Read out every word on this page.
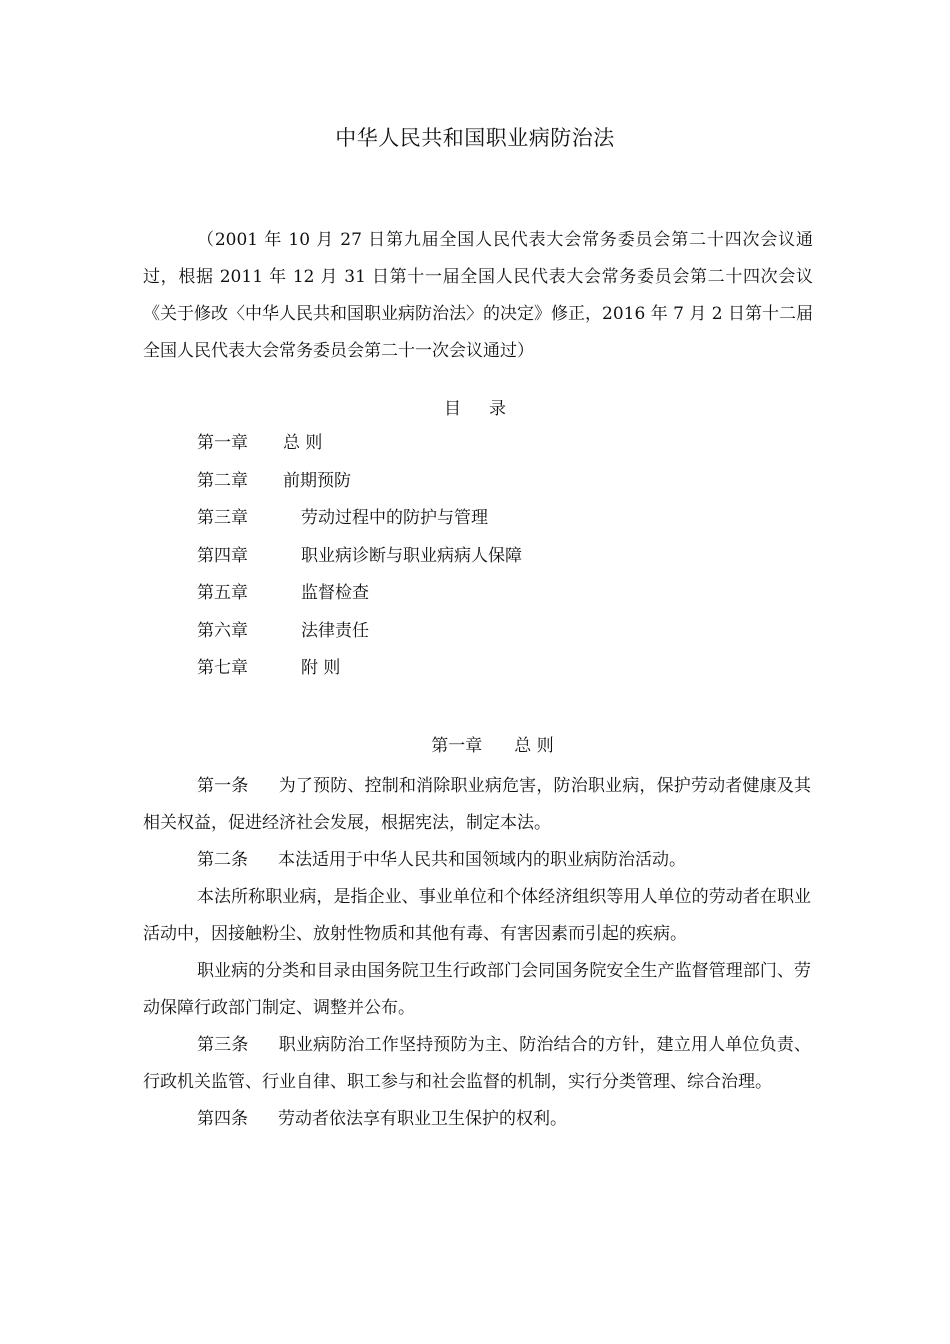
中华人民共和国职业病防治法

（2001 年 10 月 27 日第九届全国人民代表大会常务委员会第二十四次会议通过，根据 2011 年 12 月 31 日第十一届全国人民代表大会常务委员会第二十四次会议《关于修改〈中华人民共和国职业病防治法〉的决定》修正，2016 年 7 月 2 日第十二届全国人民代表大会常务委员会第二十一次会议通过）

目 录
第一章 总 则
第二章 前期预防
第三章	劳动过程中的防护与管理
第四章	职业病诊断与职业病病人保障
第五章	监督检查
第六章	法律责任
第七章	附 则
第一章 总 则

第一条 为了预防、控制和消除职业病危害，防治职业病，保护劳动者健康及其相关权益，促进经济社会发展，根据宪法，制定本法。

第二条 本法适用于中华人民共和国领域内的职业病防治活动。

本法所称职业病，是指企业、事业单位和个体经济组织等用人单位的劳动者在职业活动中，因接触粉尘、放射性物质和其他有毒、有害因素而引起的疾病。

职业病的分类和目录由国务院卫生行政部门会同国务院安全生产监督管理部门、劳动保障行政部门制定、调整并公布。

第三条 职业病防治工作坚持预防为主、防治结合的方针，建立用人单位负责、行政机关监管、行业自律、职工参与和社会监督的机制，实行分类管理、综合治理。

第四条 劳动者依法享有职业卫生保护的权利。
